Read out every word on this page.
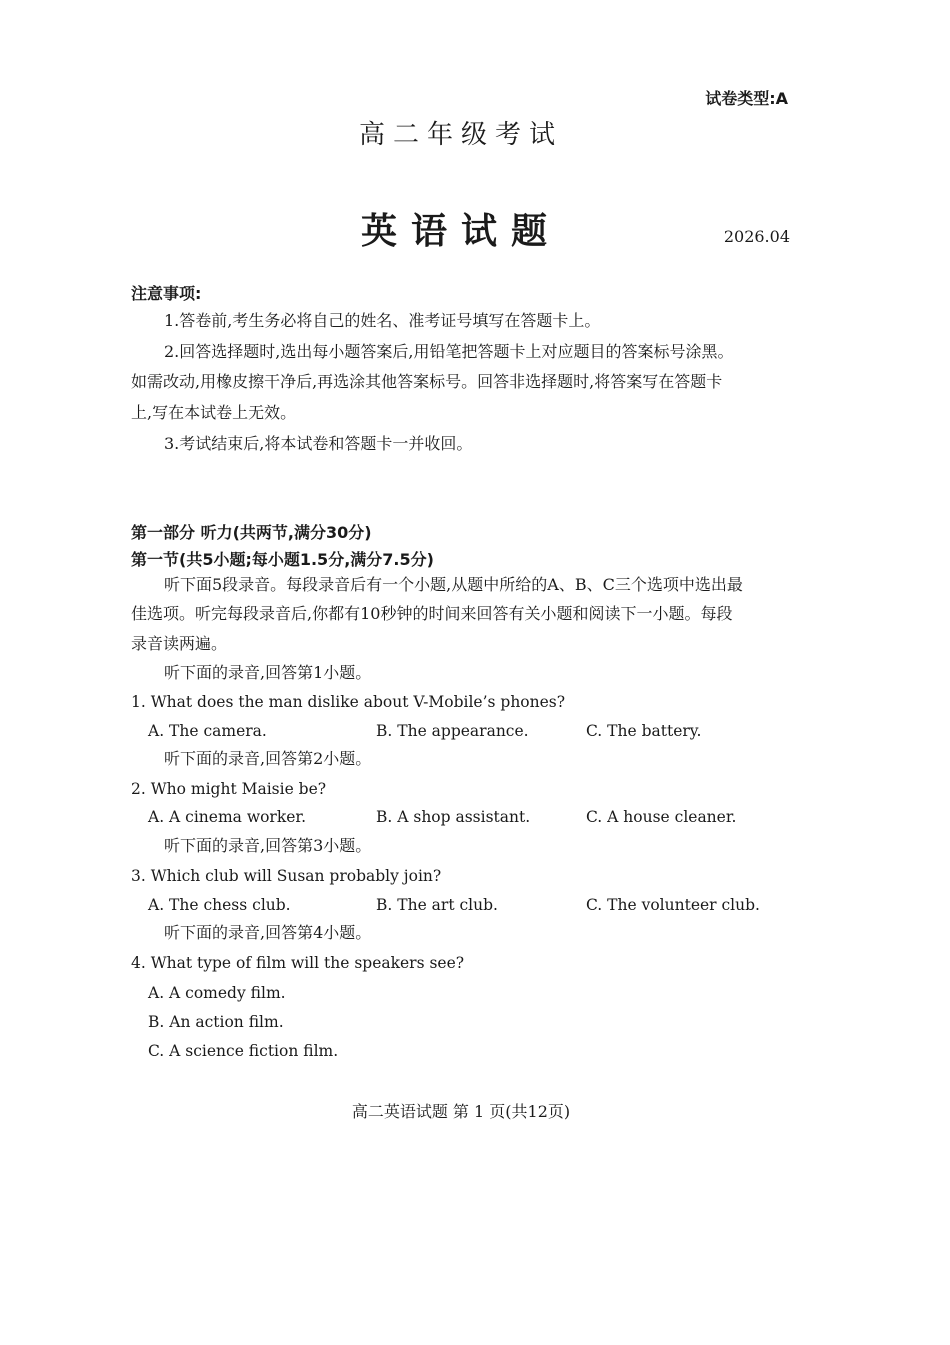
试卷类型:A
高二年级考试
英语试题	2026.04
注意事项:
1.答卷前,考生务必将自己的姓名、准考证号填写在答题卡上。
2.回答选择题时,选出每小题答案后,用铅笔把答题卡上对应题目的答案标号涂黑。
如需改动,用橡皮擦干净后,再选涂其他答案标号。回答非选择题时,将答案写在答题卡
上,写在本试卷上无效。
3.考试结束后,将本试卷和答题卡一并收回。
第一部分 听力(共两节,满分30分)
第一节(共5小题;每小题1.5分,满分7.5分)
听下面5段录音。每段录音后有一个小题,从题中所给的A、B、C三个选项中选出最
佳选项。听完每段录音后,你都有10秒钟的时间来回答有关小题和阅读下一小题。每段
录音读两遍。
听下面的录音,回答第1小题。
1. What does the man dislike about V-Mobile’s phones?
A. The camera.	B. The appearance.	C. The battery.
听下面的录音,回答第2小题。
2. Who might Maisie be?
A. A cinema worker.	B. A shop assistant.	C. A house cleaner.
听下面的录音,回答第3小题。
3. Which club will Susan probably join?
A. The chess club.	B. The art club.	C. The volunteer club.
听下面的录音,回答第4小题。
4. What type of film will the speakers see?
A. A comedy film.
B. An action film.
C. A science fiction film.
高二英语试题 第 1 页(共12页)
